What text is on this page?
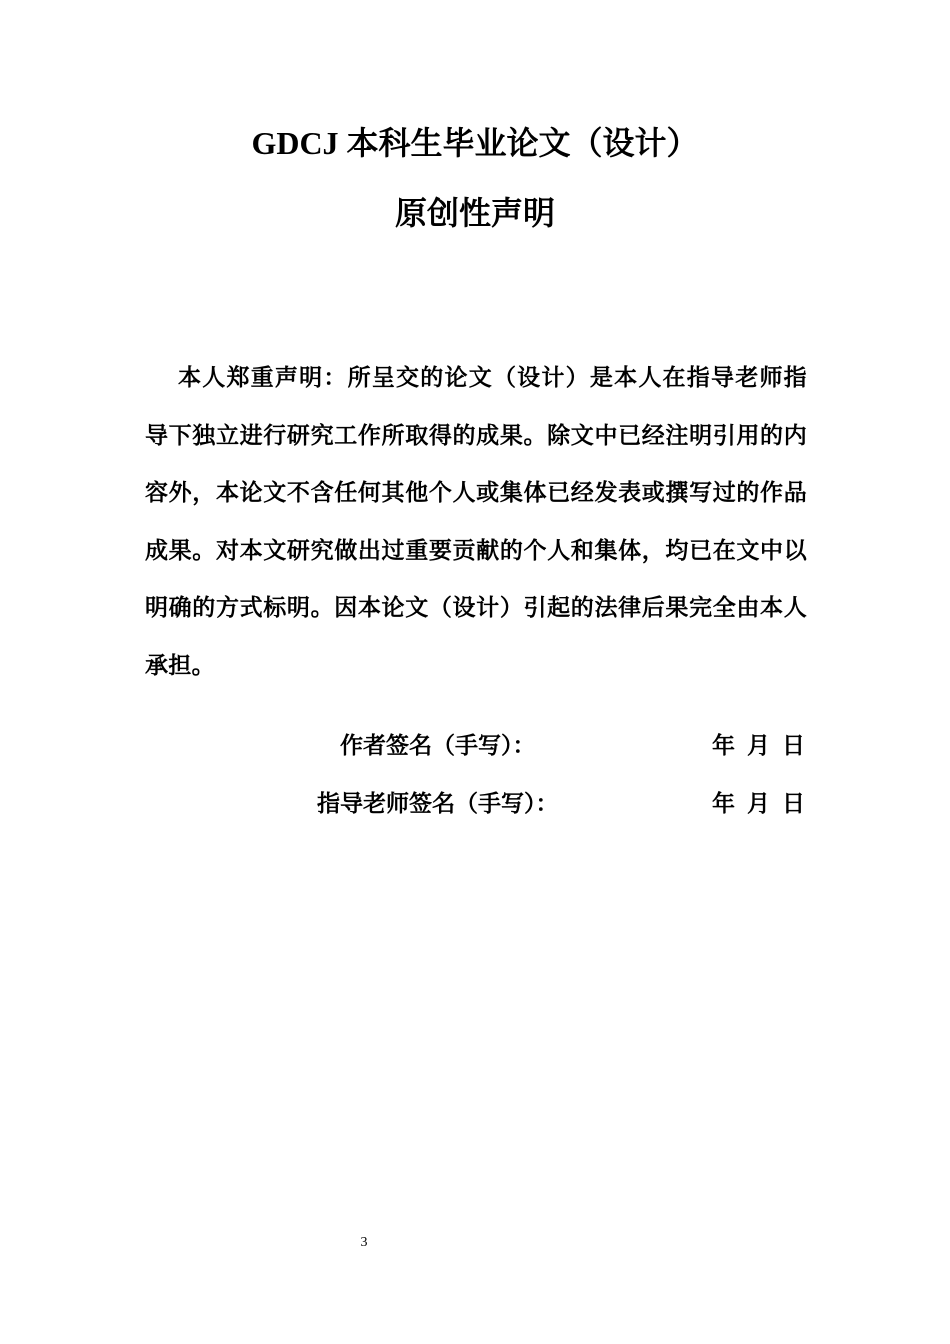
GDCJ 本科生毕业论文（设计）
原创性声明

本人郑重声明：所呈交的论文（设计）是本人在指导老师指导下独立进行研究工作所取得的成果。除文中已经注明引用的内容外，本论文不含任何其他个人或集体已经发表或撰写过的作品成果。对本文研究做出过重要贡献的个人和集体，均已在文中以明确的方式标明。因本论文（设计）引起的法律后果完全由本人承担。

作者签名（手写）：	年 月 日
指导老师签名（手写）：	年 月 日
3
